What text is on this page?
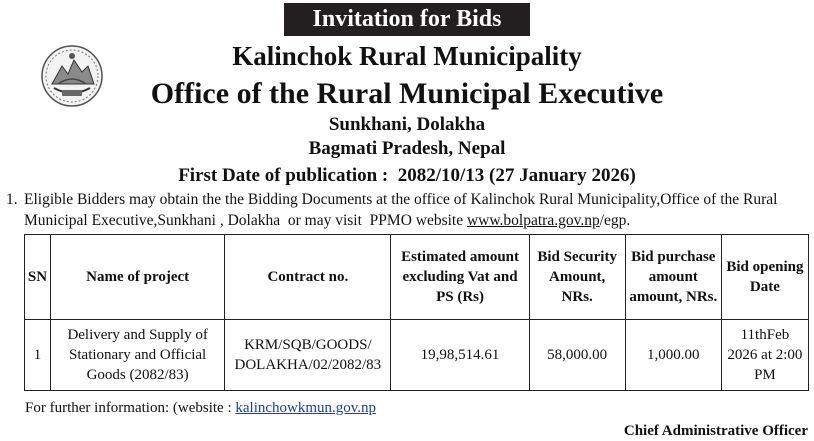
Invitation for Bids
Kalinchok Rural Municipality
Office of the Rural Municipal Executive
Sunkhani, Dolakha
Bagmati Pradesh, Nepal
First Date of publication : 2082/10/13 (27 January 2026)
1. Eligible Bidders may obtain the the Bidding Documents at the office of Kalinchok Rural Municipality,Office of the Rural
Municipal Executive,Sunkhani , Dolakha  or may visit  PPMO website www.bolpatra.gov.np/egp.
SN	Name of project	Contract no.	Estimated amount excluding Vat and PS (Rs)	Bid Security Amount, NRs.	Bid purchase amount amount, NRs.	Bid opening Date
1	Delivery and Supply of Stationary and Official Goods (2082/83)	KRM/SQB/GOODS/ DOLAKHA/02/2082/83	19,98,514.61	58,000.00	1,000.00	11thFeb 2026 at 2:00 PM
For further information: (website : kalinchowkmun.gov.np
Chief Administrative Officer
